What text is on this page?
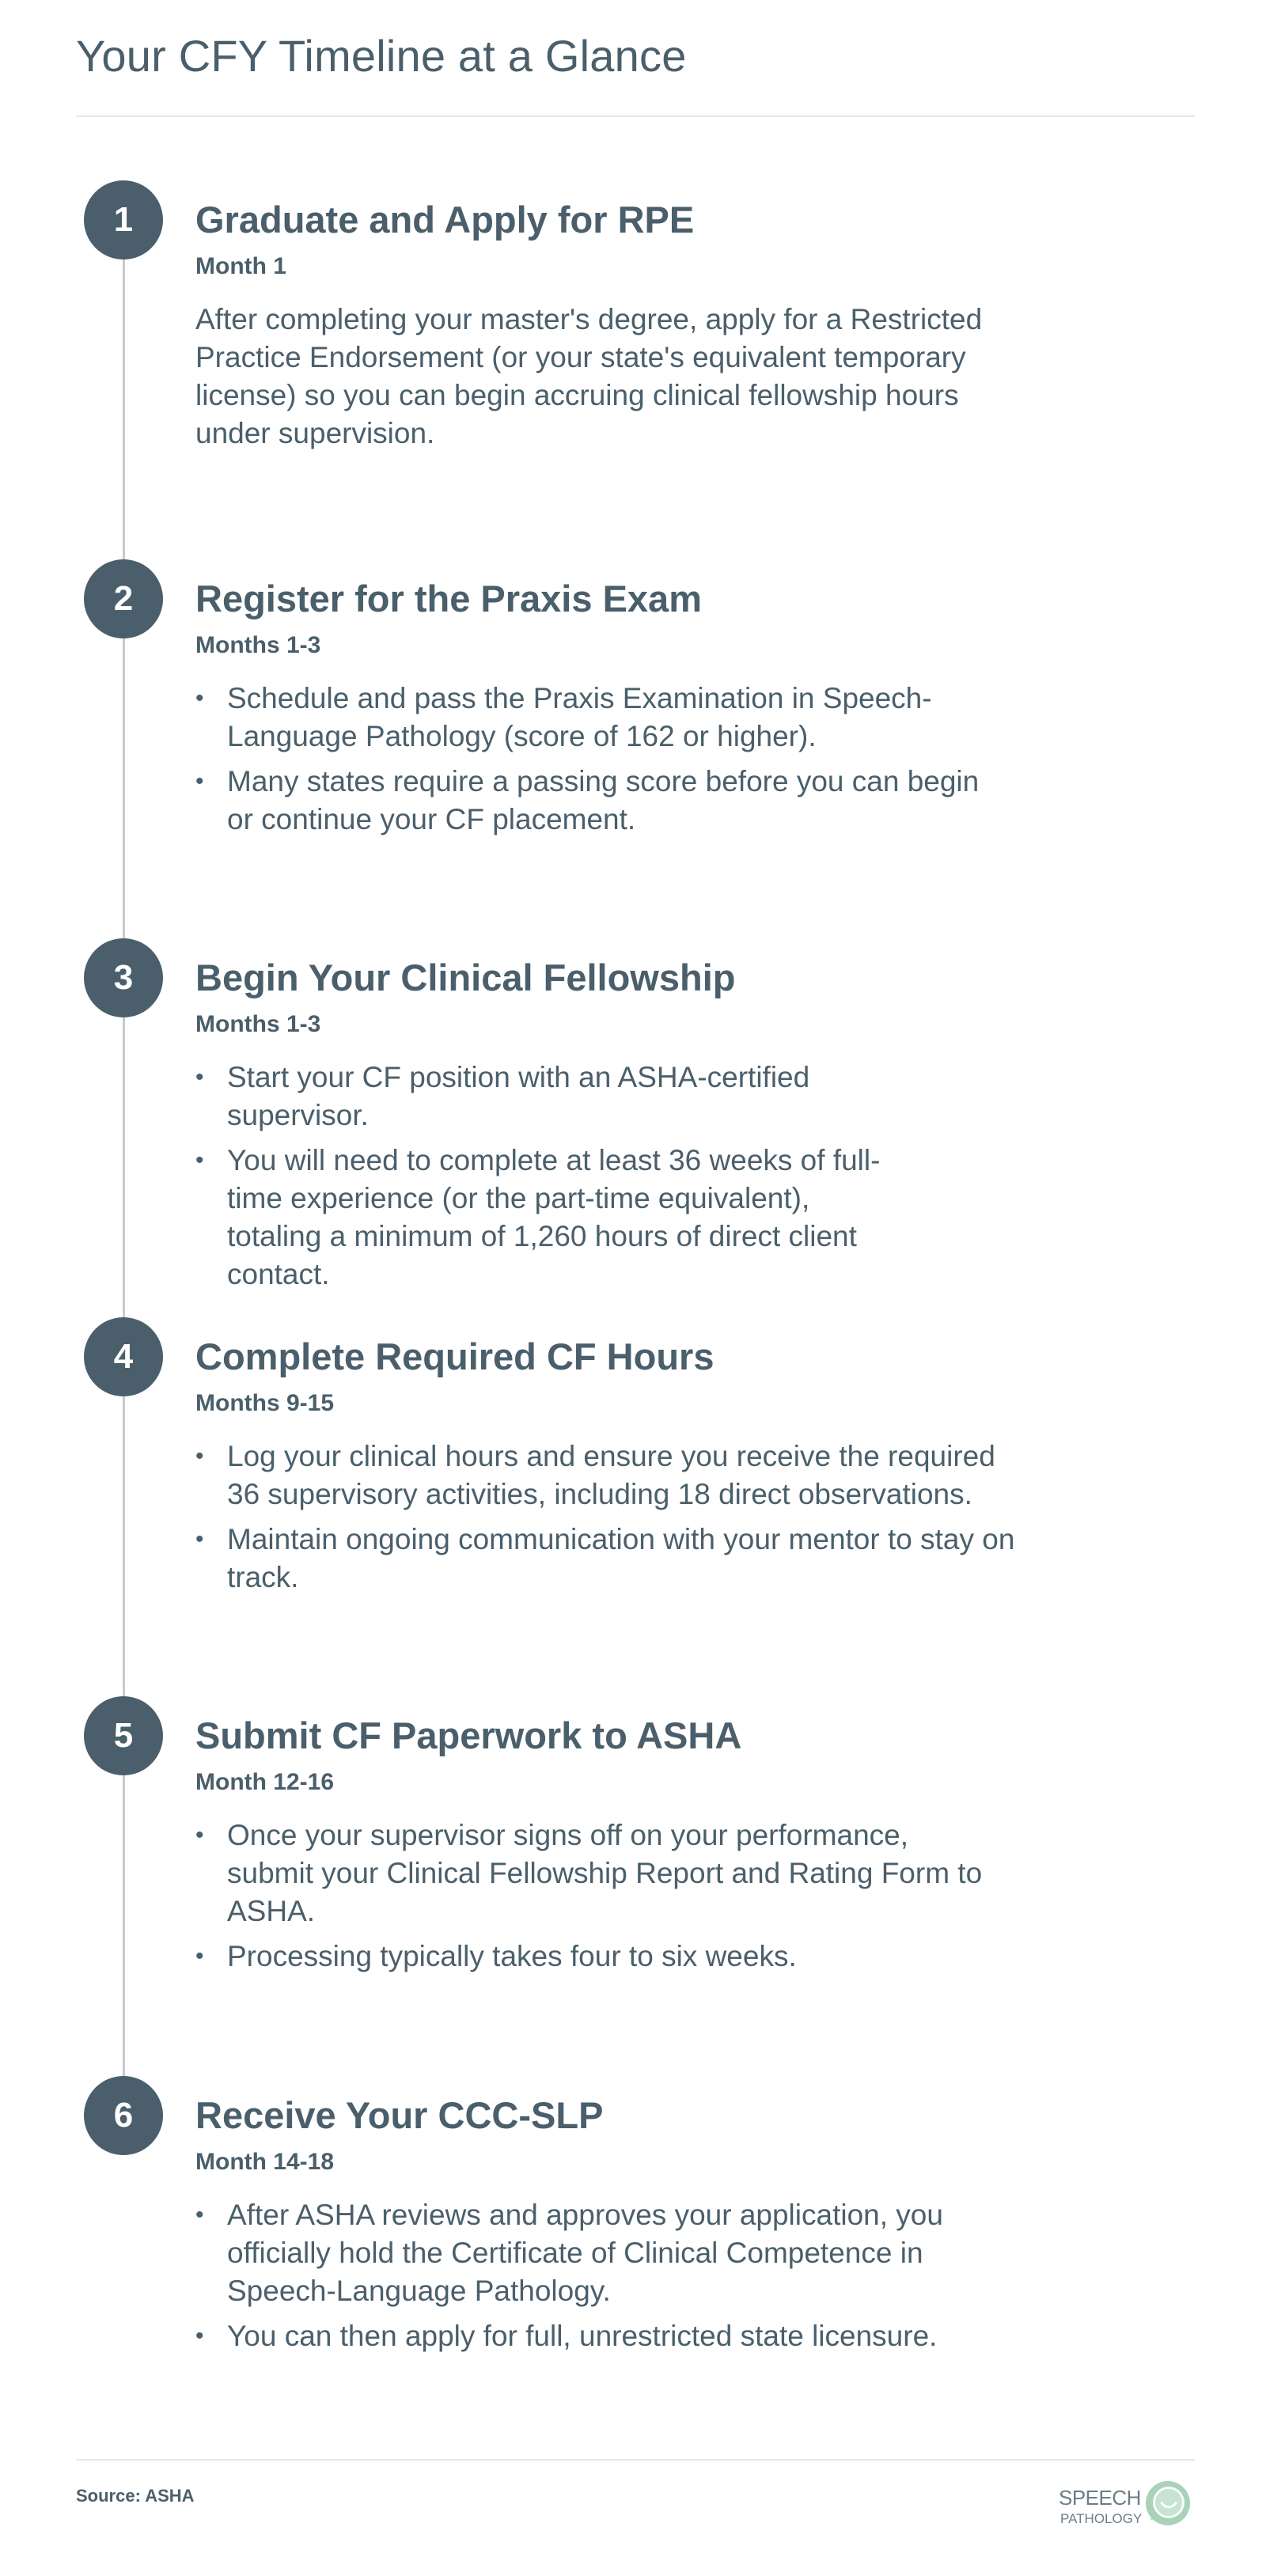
Your CFY Timeline at a Glance
1	Graduate and Apply for RPE
Month 1

After completing your master's degree, apply for a Restricted Practice Endorsement (or your state's equivalent temporary license) so you can begin accruing clinical fellowship hours under supervision.

2	Register for the Praxis Exam
Months 1-3
• Schedule and pass the Praxis Examination in Speech-Language Pathology (score of 162 or higher).
• Many states require a passing score before you can begin or continue your CF placement.
3	Begin Your Clinical Fellowship
Months 1-3
• Start your CF position with an ASHA-certified supervisor.
• You will need to complete at least 36 weeks of full-time experience (or the part-time equivalent), totaling a minimum of 1,260 hours of direct client contact.
4	Complete Required CF Hours
Months 9-15
• Log your clinical hours and ensure you receive the required 36 supervisory activities, including 18 direct observations.
• Maintain ongoing communication with your mentor to stay on track.
5	Submit CF Paperwork to ASHA
Month 12-16
• Once your supervisor signs off on your performance, submit your Clinical Fellowship Report and Rating Form to ASHA.
• Processing typically takes four to six weeks.
6	Receive Your CCC-SLP
Month 14-18
• After ASHA reviews and approves your application, you officially hold the Certificate of Clinical Competence in Speech-Language Pathology.
• You can then apply for full, unrestricted state licensure.
Source: ASHA	SPEECH
PATHOLOGY
